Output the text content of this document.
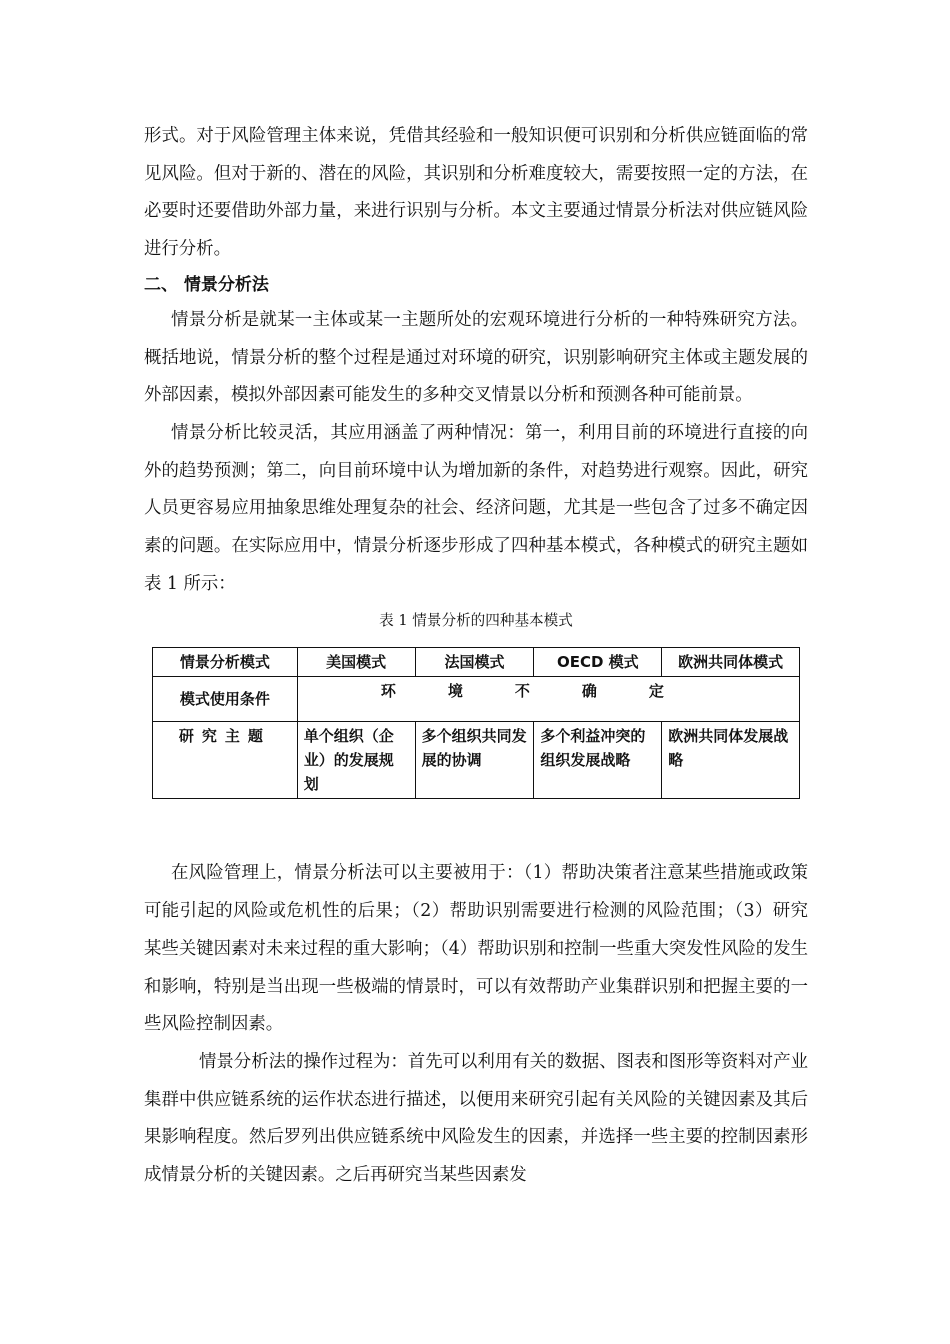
形式。对于风险管理主体来说，凭借其经验和一般知识便可识别和分析供应链面临的常见风险。但对于新的、潜在的风险，其识别和分析难度较大，需要按照一定的方法，在必要时还要借助外部力量，来进行识别与分析。本文主要通过情景分析法对供应链风险进行分析。

二、 情景分析法

情景分析是就某一主体或某一主题所处的宏观环境进行分析的一种特殊研究方法。概括地说，情景分析的整个过程是通过对环境的研究，识别影响研究主体或主题发展的外部因素，模拟外部因素可能发生的多种交叉情景以分析和预测各种可能前景。

情景分析比较灵活，其应用涵盖了两种情况：第一，利用目前的环境进行直接的向外的趋势预测；第二，向目前环境中认为增加新的条件，对趋势进行观察。因此，研究人员更容易应用抽象思维处理复杂的社会、经济问题，尤其是一些包含了过多不确定因素的问题。在实际应用中，情景分析逐步形成了四种基本模式，各种模式的研究主题如表 1 所示：

表 1 情景分析的四种基本模式
情景分析模式	美国模式	法国模式	OECD 模式	欧洲共同体模式
模式使用条件	环境不确定			
研究主题	单个组织（企业）的发展规划	多个组织共同发展的协调	多个利益冲突的组织发展战略	欧洲共同体发展战略

在风险管理上，情景分析法可以主要被用于：（1）帮助决策者注意某些措施或政策可能引起的风险或危机性的后果；（2）帮助识别需要进行检测的风险范围；（3）研究某些关键因素对未来过程的重大影响；（4）帮助识别和控制一些重大突发性风险的发生和影响，特别是当出现一些极端的情景时，可以有效帮助产业集群识别和把握主要的一些风险控制因素。

情景分析法的操作过程为：首先可以利用有关的数据、图表和图形等资料对产业集群中供应链系统的运作状态进行描述，以便用来研究引起有关风险的关键因素及其后果影响程度。然后罗列出供应链系统中风险发生的因素，并选择一些主要的控制因素形成情景分析的关键因素。之后再研究当某些因素发
